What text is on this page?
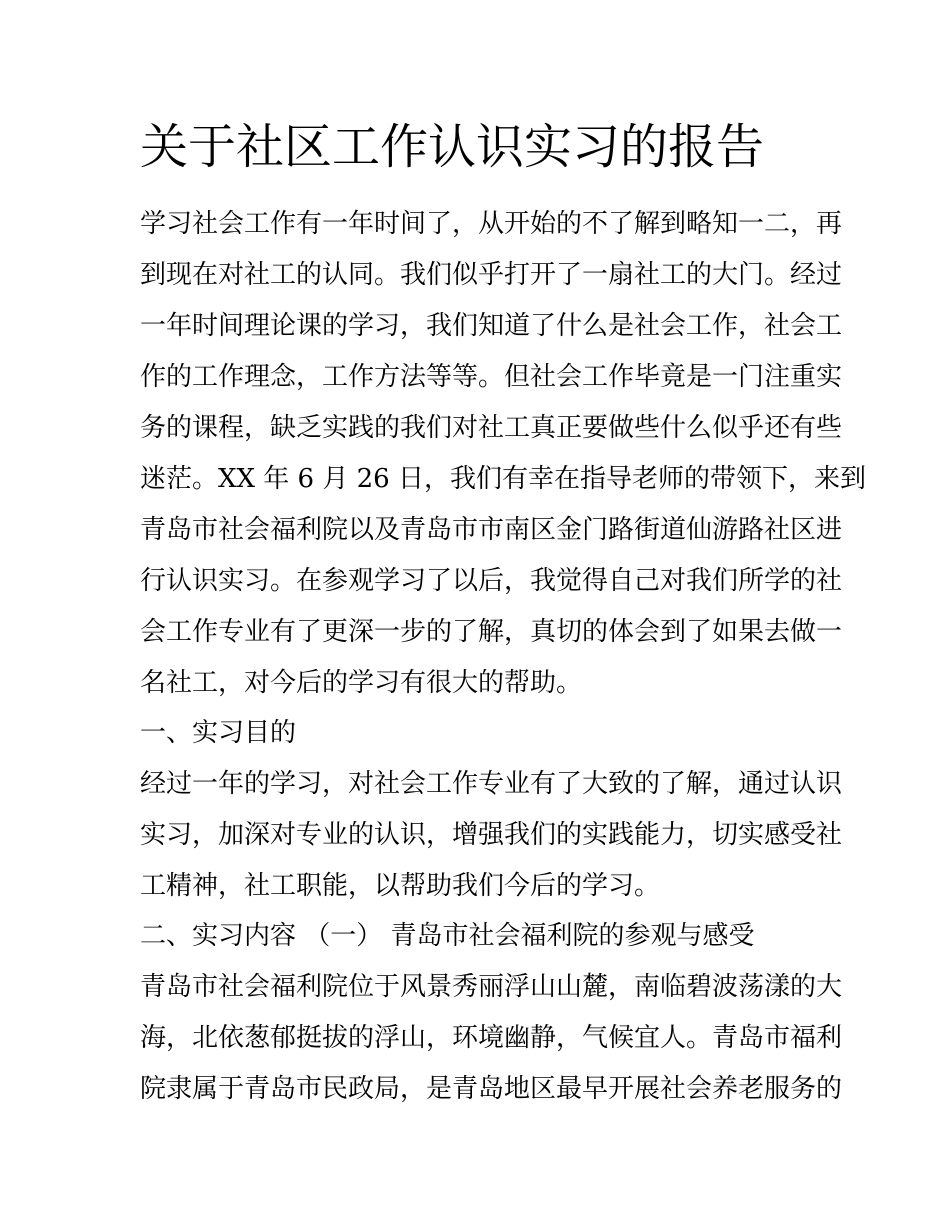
关于社区工作认识实习的报告

学习社会工作有一年时间了，从开始的不了解到略知一二，再

到现在对社工的认同。我们似乎打开了一扇社工的大门。经过

一年时间理论课的学习，我们知道了什么是社会工作，社会工

作的工作理念，工作方法等等。但社会工作毕竟是一门注重实

务的课程，缺乏实践的我们对社工真正要做些什么似乎还有些

迷茫。XX 年 6 月 26 日，我们有幸在指导老师的带领下，来到

青岛市社会福利院以及青岛市市南区金门路街道仙游路社区进

行认识实习。在参观学习了以后，我觉得自己对我们所学的社

会工作专业有了更深一步的了解，真切的体会到了如果去做一

名社工，对今后的学习有很大的帮助。

一、实习目的

经过一年的学习，对社会工作专业有了大致的了解，通过认识

实习，加深对专业的认识，增强我们的实践能力，切实感受社

工精神，社工职能，以帮助我们今后的学习。

二、实习内容 （一） 青岛市社会福利院的参观与感受

青岛市社会福利院位于风景秀丽浮山山麓，南临碧波荡漾的大

海，北依葱郁挺拔的浮山，环境幽静，气候宜人。青岛市福利

院隶属于青岛市民政局，是青岛地区最早开展社会养老服务的
